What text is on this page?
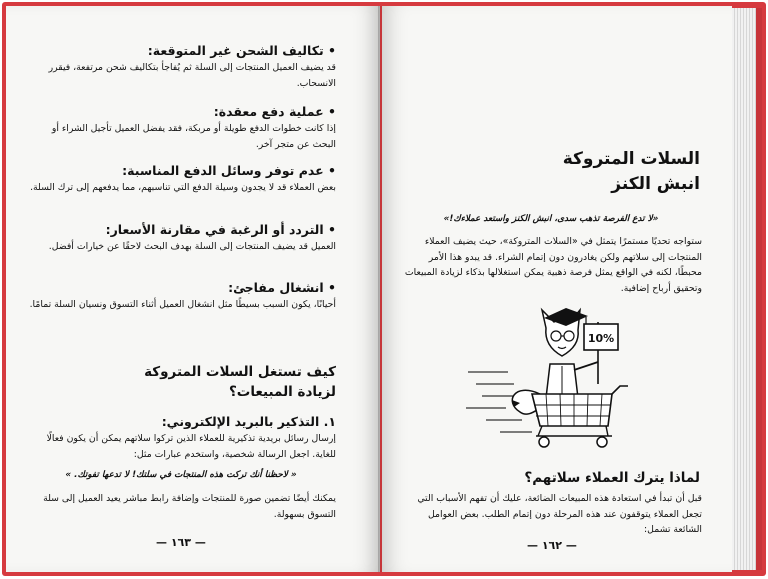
• تكاليف الشحن غير المتوقعة:
قد يضيف العميل المنتجات إلى السلة ثم يُفاجأ بتكاليف شحن مرتفعة، فيقرر الانسحاب.
• عملية دفع معقدة:
إذا كانت خطوات الدفع طويلة أو مربكة، فقد يفضل العميل تأجيل الشراء أو البحث عن متجر آخر.
• عدم توفر وسائل الدفع المناسبة:
بعض العملاء قد لا يجدون وسيلة الدفع التي تناسبهم، مما يدفعهم إلى ترك السلة.
• التردد أو الرغبة في مقارنة الأسعار:
العميل قد يضيف المنتجات إلى السلة بهدف البحث لاحقًا عن خيارات أفضل.
• انشغال مفاجئ:
أحيانًا، يكون السبب بسيطًا مثل انشغال العميل أثناء التسوق ونسيان السلة تمامًا.
كيف تستغل السلات المتروكة
لزيادة المبيعات؟
١. التذكير بالبريد الإلكتروني:
إرسال رسائل بريدية تذكيرية للعملاء الذين تركوا سلاتهم يمكن أن يكون فعالًا للغاية. اجعل الرسالة شخصية، واستخدم عبارات مثل:
« لاحظنا أنك تركت هذه المنتجات في سلتك! لا تدعها تفوتك. »
يمكنك أيضًا تضمين صورة للمنتجات وإضافة رابط مباشر يعيد العميل إلى سلة التسوق بسهولة.
— ١٦٣ —
السلات المتروكة
انبش الكنز
«لا تدع الفرصة تذهب سدى، انبش الكنز واستعد عملاءك!»
ستواجه تحديًا مستمرًا يتمثل في «السلات المتروكة»، حيث يضيف العملاء المنتجات إلى سلاتهم ولكن يغادرون دون إتمام الشراء. قد يبدو هذا الأمر محبطًا، لكنه في الواقع يمثل فرصة ذهبية يمكن استغلالها بذكاء لزيادة المبيعات وتحقيق أرباح إضافية.
10%
لماذا يترك العملاء سلاتهم؟
قبل أن تبدأ في استعادة هذه المبيعات الضائعة، عليك أن تفهم الأسباب التي تجعل العملاء يتوقفون عند هذه المرحلة دون إتمام الطلب. بعض العوامل الشائعة تشمل:
— ١٦٢ —
